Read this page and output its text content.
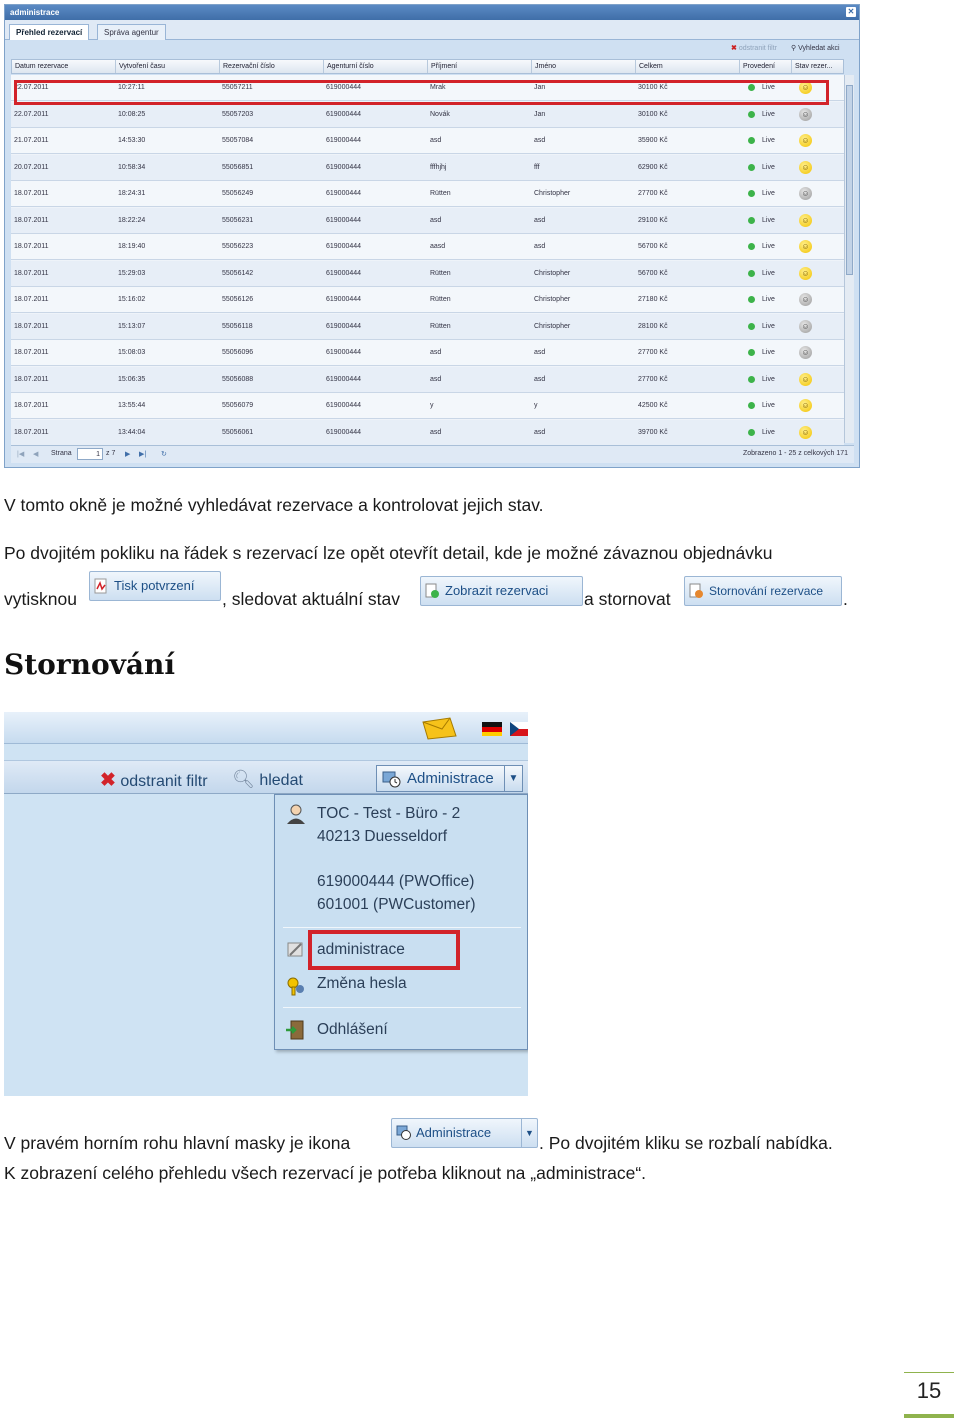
administrace	✕
Přehled rezervací	Správa agentur
✖ odstranit filtr ⚲ Vyhledat akci
Datum rezervace	Vytvoření času	Rezervační číslo	Agenturní číslo	Příjmení	Jméno	Celkem	Provedení	Stav rezer...
22.07.2011	10:27:11	55057211	619000444	Mrak	Jan	30100 Kč	Live	☺
22.07.2011	10:08:25	55057203	619000444	Novák	Jan	30100 Kč	Live	☺
21.07.2011	14:53:30	55057084	619000444	asd	asd	35900 Kč	Live	☺
20.07.2011	10:58:34	55056851	619000444	fffhjhj	fff	62900 Kč	Live	☺
18.07.2011	18:24:31	55056249	619000444	Rütten	Christopher	27700 Kč	Live	☺
18.07.2011	18:22:24	55056231	619000444	asd	asd	29100 Kč	Live	☺
18.07.2011	18:19:40	55056223	619000444	aasd	asd	56700 Kč	Live	☺
18.07.2011	15:29:03	55056142	619000444	Rütten	Christopher	56700 Kč	Live	☺
18.07.2011	15:16:02	55056126	619000444	Rütten	Christopher	27180 Kč	Live	☺
18.07.2011	15:13:07	55056118	619000444	Rütten	Christopher	28100 Kč	Live	☺
18.07.2011	15:08:03	55056096	619000444	asd	asd	27700 Kč	Live	☺
18.07.2011	15:06:35	55056088	619000444	asd	asd	27700 Kč	Live	☺
18.07.2011	13:55:44	55056079	619000444	y	y	42500 Kč	Live	☺
18.07.2011	13:44:04	55056061	619000444	asd	asd	39700 Kč	Live	☺
|◀ ◀ Strana	1 z 7 ▶ ▶| ↻	Zobrazeno 1 - 25 z celkových 171
V tomto okně je možné vyhledávat rezervace a kontrolovat jejich stav.
Po dvojitém pokliku na řádek s rezervací lze opět otevřít detail, kde je možné závaznou objednávku
vytisknou
Tisk potvrzení
, sledovat aktuální stav	Zobrazit rezervaci	a stornovat	Stornování rezervace	.
Stornování
✖ odstranit filtr 🔍︎ hledat	Administrace	▼
TOC - Test - Büro - 2
40213 Duesseldorf
619000444 (PWOffice)
601001 (PWCustomer)
administrace
Změna hesla
Odhlášení
V pravém horním rohu hlavní masky je ikona
Administrace	▼ . Po dvojitém kliku se rozbalí nabídka.
K zobrazení celého přehledu všech rezervací je potřeba kliknout na „administrace“.
15
